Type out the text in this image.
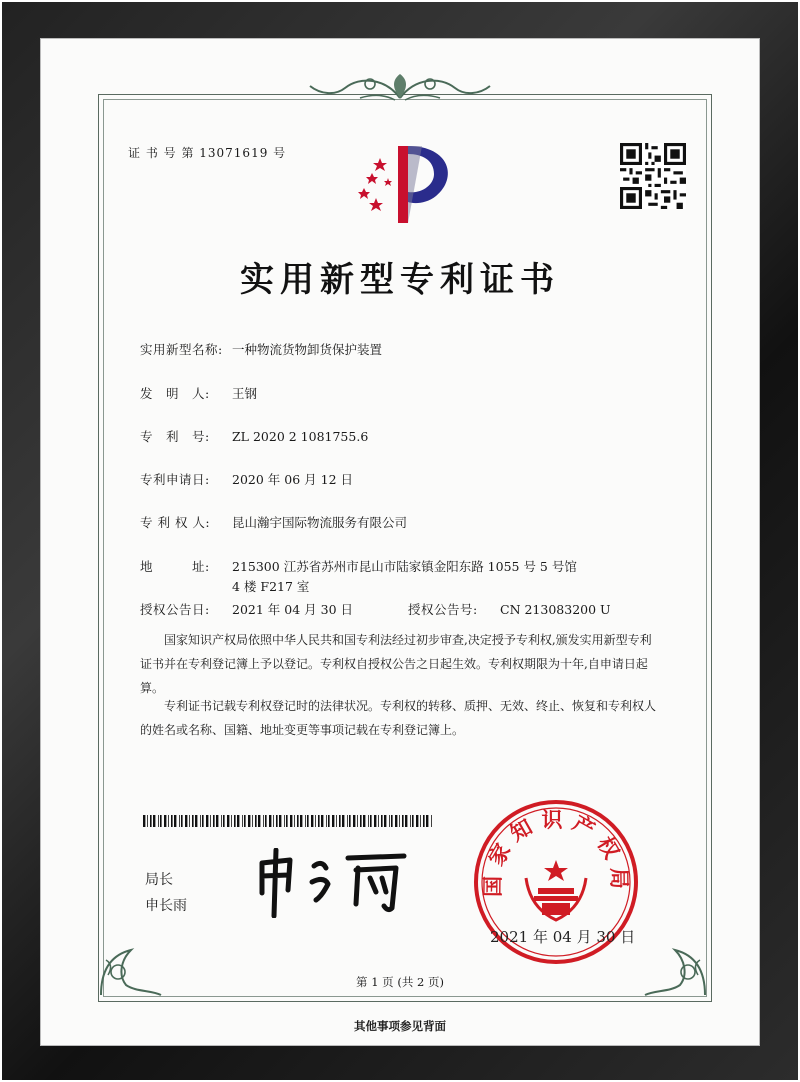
证 书 号 第 13071619 号
实用新型专利证书
实用新型名称: 一种物流货物卸货保护装置
发　明　人: 王钢
专　利　号: ZL 2020 2 1081755.6
专利申请日: 2020 年 06 月 12 日
专 利 权 人: 昆山瀚宇国际物流服务有限公司
地　　　址: 215300 江苏省苏州市昆山市陆家镇金阳东路 1055 号 5 号馆
4 楼 F217 室
授权公告日: 2021 年 04 月 30 日	授权公告号: CN 213083200 U
国家知识产权局依照中华人民共和国专利法经过初步审查,决定授予专利权,颁发实用新型专利证书并在专利登记簿上予以登记。专利权自授权公告之日起生效。专利权期限为十年,自申请日起算。
专利证书记载专利权登记时的法律状况。专利权的转移、质押、无效、终止、恢复和专利权人的姓名或名称、国籍、地址变更等事项记载在专利登记簿上。
局长
申长雨
国家知识产权局
2021 年 04 月 30 日
第 1 页 (共 2 页)
其他事项参见背面
